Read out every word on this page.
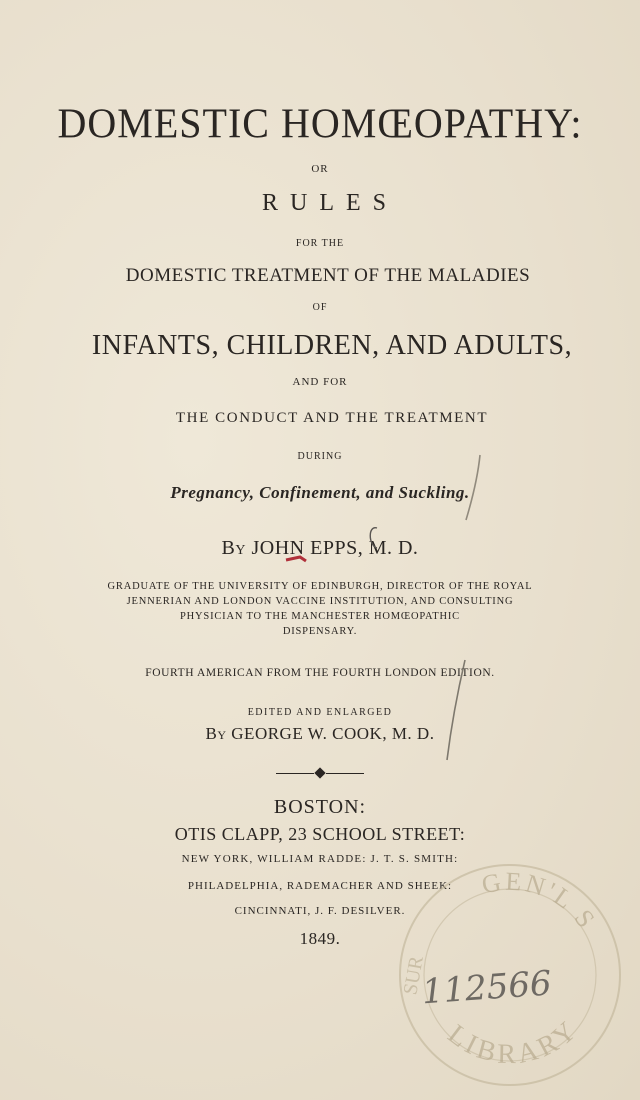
DOMESTIC HOMŒOPATHY:
OR
RULES
FOR THE
DOMESTIC TREATMENT OF THE MALADIES
OF
INFANTS, CHILDREN, AND ADULTS,
AND FOR
THE CONDUCT AND THE TREATMENT
DURING
Pregnancy, Confinement, and Suckling.
By JOHN EPPS, M. D.
GRADUATE OF THE UNIVERSITY OF EDINBURGH, DIRECTOR OF THE ROYAL
JENNERIAN AND LONDON VACCINE INSTITUTION, AND CONSULTING
PHYSICIAN TO THE MANCHESTER HOMŒOPATHIC
DISPENSARY.
FOURTH AMERICAN FROM THE FOURTH LONDON EDITION.
EDITED AND ENLARGED
By GEORGE W. COOK, M. D.
BOSTON:
OTIS CLAPP, 23 SCHOOL STREET:
NEW YORK, WILLIAM RADDE: J. T. S. SMITH:
PHILADELPHIA, RADEMACHER AND SHEEK:
CINCINNATI, J. F. DESILVER.
1849.
GEN'L S
LIBRARY
SUR
112566
